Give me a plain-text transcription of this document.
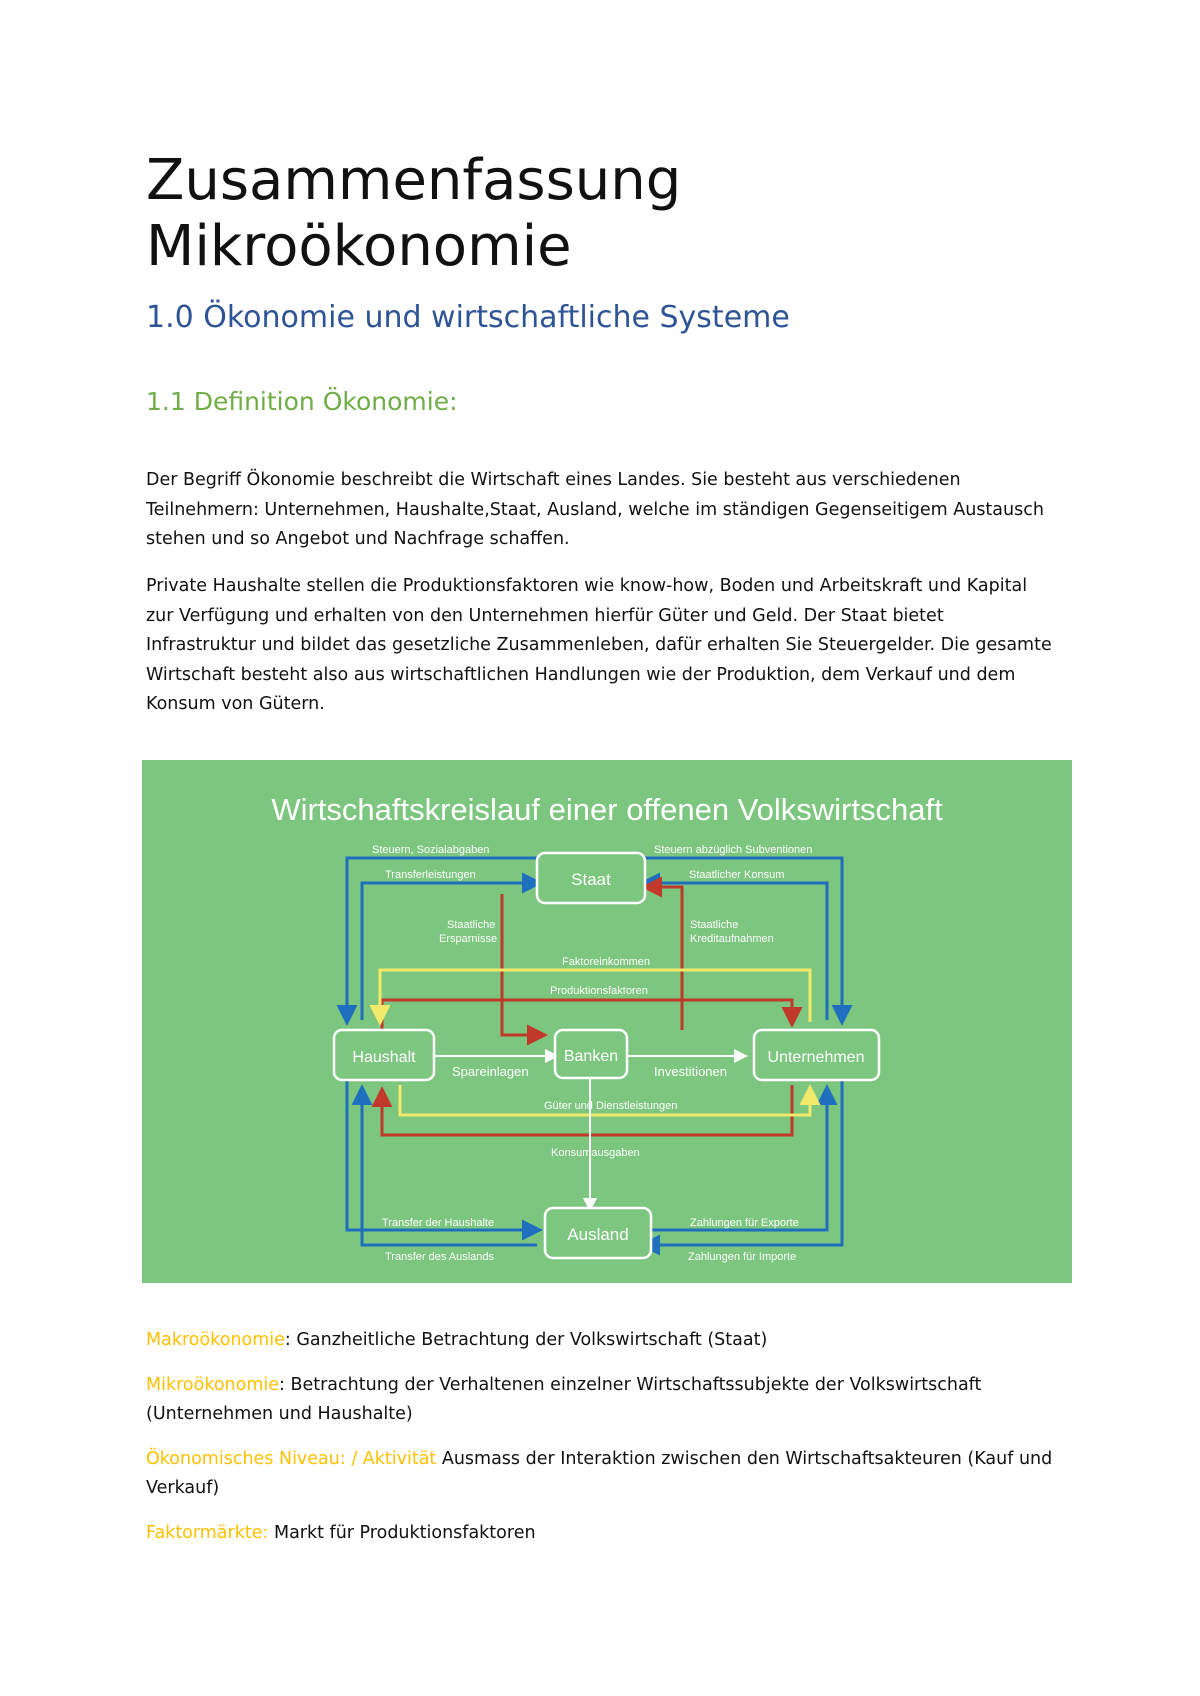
Zusammenfassung
Mikroökonomie
1.0 Ökonomie und wirtschaftliche Systeme
1.1 Definition Ökonomie:

Der Begriff Ökonomie beschreibt die Wirtschaft eines Landes. Sie besteht aus verschiedenen Teilnehmern: Unternehmen, Haushalte,Staat, Ausland, welche im ständigen Gegenseitigem Austausch stehen und so Angebot und Nachfrage schaffen.

Private Haushalte stellen die Produktionsfaktoren wie know-how, Boden und Arbeitskraft und Kapital zur Verfügung und erhalten von den Unternehmen hierfür Güter und Geld. Der Staat bietet Infrastruktur und bildet das gesetzliche Zusammenleben, dafür erhalten Sie Steuergelder. Die gesamte Wirtschaft besteht also aus wirtschaftlichen Handlungen wie der Produktion, dem Verkauf und dem Konsum von Gütern.

Wirtschaftskreislauf einer offenen Volkswirtschaft
Staat
Haushalt	Banken	Unternehmen
Ausland
Steuern, Sozialabgaben
Transferleistungen
Steuern abzüglich Subventionen
Staatlicher Konsum
Staatliche
Ersparnisse
Staatliche
Kreditaufnahmen
Faktoreinkommen
Produktionsfaktoren
Güter und Dienstleistungen
Konsumausgaben
Transfer der Haushalte
Transfer des Auslands
Zahlungen für Exporte
Zahlungen für Importe
Spareinlagen	Investitionen

Makroökonomie: Ganzheitliche Betrachtung der Volkswirtschaft (Staat)

Mikroökonomie: Betrachtung der Verhaltenen einzelner Wirtschaftssubjekte der Volkswirtschaft (Unternehmen und Haushalte)

Ökonomisches Niveau: / Aktivität Ausmass der Interaktion zwischen den Wirtschaftsakteuren (Kauf und Verkauf)

Faktormärkte: Markt für Produktionsfaktoren
